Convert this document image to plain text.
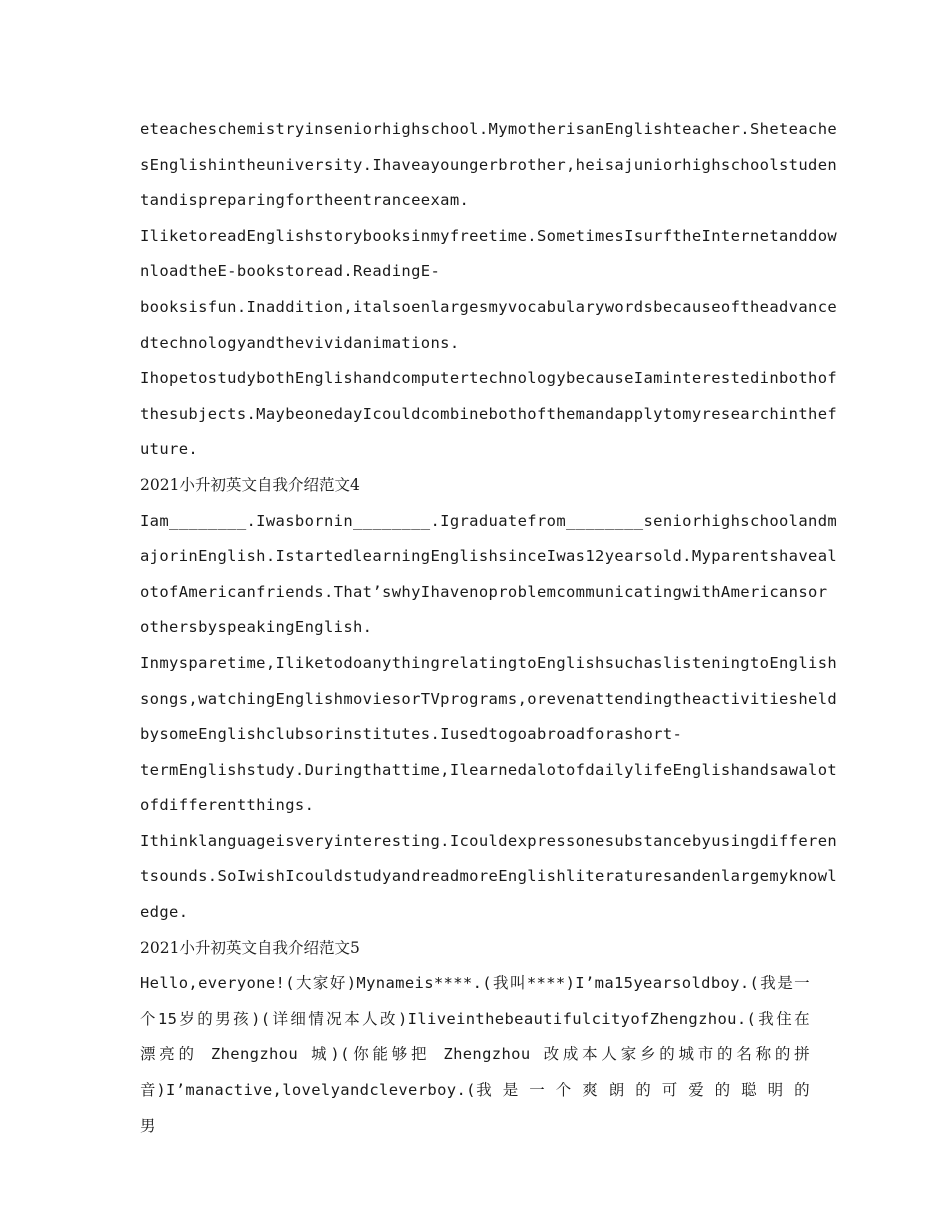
eteacheschemistryinseniorhighschool.MymotherisanEnglishteacher.Sheteache
sEnglishintheuniversity.Ihaveayoungerbrother,heisajuniorhighschoolstuden
tandispreparingfortheentranceexam.
IliketoreadEnglishstorybooksinmyfreetime.SometimesIsurftheInternetanddow
nloadtheE-bookstoread.ReadingE-
booksisfun.Inaddition,italsoenlargesmyvocabularywordsbecauseoftheadvance
dtechnologyandthevividanimations.
IhopetostudybothEnglishandcomputertechnologybecauseIaminterestedinbothof
thesubjects.MaybeonedayIcouldcombinebothofthemandapplytomyresearchinthef
uture.
2021小升初英文自我介绍范文4
Iam________.Iwasbornin________.Igraduatefrom________seniorhighschoolandm
ajorinEnglish.IstartedlearningEnglishsinceIwas12yearsold.Myparentshaveal
otofAmericanfriends.That’swhyIhavenoproblemcommunicatingwithAmericansor
othersbyspeakingEnglish.
Inmysparetime,IliketodoanythingrelatingtoEnglishsuchaslisteningtoEnglish
songs,watchingEnglishmoviesorTVprograms,orevenattendingtheactivitiesheld
bysomeEnglishclubsorinstitutes.Iusedtogoabroadforashort-
termEnglishstudy.Duringthattime,IlearnedalotofdailylifeEnglishandsawalot
ofdifferentthings.
Ithinklanguageisveryinteresting.Icouldexpressonesubstancebyusingdifferen
tsounds.SoIwishIcouldstudyandreadmoreEnglishliteraturesandenlargemyknowl
edge.
2021小升初英文自我介绍范文5
Hello,everyone!(大家好)Mynameis****.(我叫****)I’ma15yearsoldboy.(我是一
个15岁的男孩)(详细情况本人改)IliveinthebeautifulcityofZhengzhou.(我住在
漂亮的 Zhengzhou 城)(你能够把 Zhengzhou 改成本人家乡的城市的名称的拼
音)I’manactive,lovelyandcleverboy.(我 是 一 个 爽 朗 的 可 爱 的 聪 明 的 男
